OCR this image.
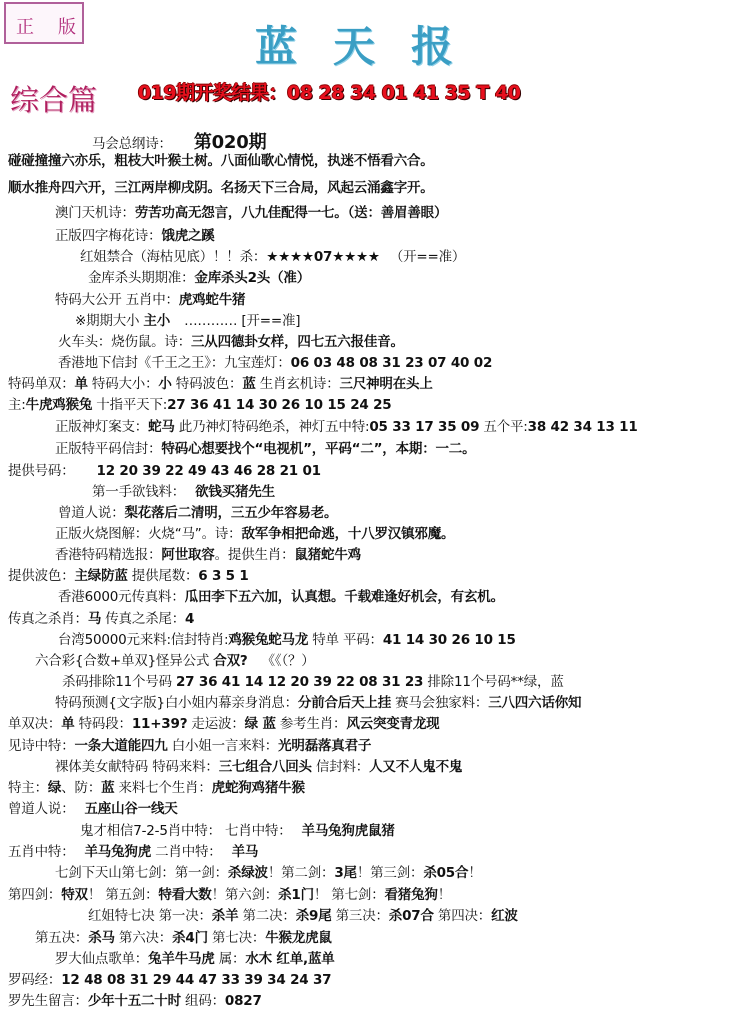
正 版	蓝天报
综合篇 019期开奖结果：08 28 34 01 41 35 T 40
马会总纲诗： 第020期
碰碰撞撞六亦乐，粗枝大叶猴土树。八面仙歌心情悦，执迷不悟看六合。
顺水推舟四六开，三江两岸柳戌阴。名扬天下三合局，风起云涌鑫字开。
澳门天机诗：劳苦功高无怨言，八九佳配得一七。（送：善眉善眼）
正版四字梅花诗：饿虎之蹊
红姐禁合（海枯见底）！！杀：★★★★07★★★★ （开==准）
金库杀头期期准：金库杀头2头（准）
特码大公开 五肖中：虎鸡蛇牛猪
※期期大小 主小 ………… [开==准]
火车头：烧伤鼠。诗：三从四德卦女样，四七五六报佳音。
香港地下信封《千王之王》：九宝莲灯：06 03 48 08 31 23 07 40 02
特码单双：单 特码大小：小 特码波色：蓝 生肖玄机诗：三尺神明在头上
主:牛虎鸡猴兔 十指平天下:27 36 41 14 30 26 10 15 24 25
正版神灯案支：蛇马 此乃神灯特码绝杀，神灯五中特:05 33 17 35 09 五个平:38 42 34 13 11
正版特平码信封：特码心想要找个“电视机”，平码“二”，本期：一二。
提供号码： 12 20 39 22 49 43 46 28 21 01
第一手欲钱料： 欲钱买猪先生
曾道人说：梨花落后二清明，三五少年容易老。
正版火烧图解：火烧“马”。诗：敌军争相把命逃，十八罗汉镇邪魔。
香港特码精选报：阿世取容。提供生肖：鼠猪蛇牛鸡
提供波色：主绿防蓝 提供尾数：6 3 5 1
香港6000元传真料：瓜田李下五六加，认真想。千载难逢好机会，有玄机。
传真之杀肖：马 传真之杀尾：4
台湾50000元来料:信封特肖:鸡猴兔蛇马龙 特单 平码：41 14 30 26 10 15
六合彩{合数+单双}怪异公式 合双? 《《（？）
杀码排除11个号码 27 36 41 14 12 20 39 22 08 31 23 排除11个号码**绿，蓝
特码预测{文字版}白小姐内幕亲身消息：分前合后天上挂 赛马会独家料：三八四六话你知
单双决：单 特码段：11+39? 走运波：绿 蓝 参考生肖：风云突变青龙现
见诗中特：一条大道能四九 白小姐一言来料：光明磊落真君子
裸体美女献特码 特码来料：三七组合八回头 信封料：人又不人鬼不鬼
特主：绿、防：蓝 来料七个生肖：虎蛇狗鸡猪牛猴
曾道人说： 五座山谷一线天
鬼才相信7-2-5肖中特： 七肖中特： 羊马兔狗虎鼠猪
五肖中特： 羊马兔狗虎 二肖中特： 羊马
七剑下天山第七剑：第一剑：杀绿波！第二剑：3尾！第三剑：杀05合！
第四剑：特双！ 第五剑：特看大数！第六剑：杀1门！ 第七剑：看猪兔狗！
红姐特七决 第一决：杀羊 第二决：杀9尾 第三决：杀07合 第四决：红波
第五决：杀马 第六决：杀4门 第七决：牛猴龙虎鼠
罗大仙点歌单：兔羊牛马虎 属：水木 红单,蓝单
罗码经：12 48 08 31 29 44 47 33 39 34 24 37
罗先生留言：少年十五二十时 组码：0827
